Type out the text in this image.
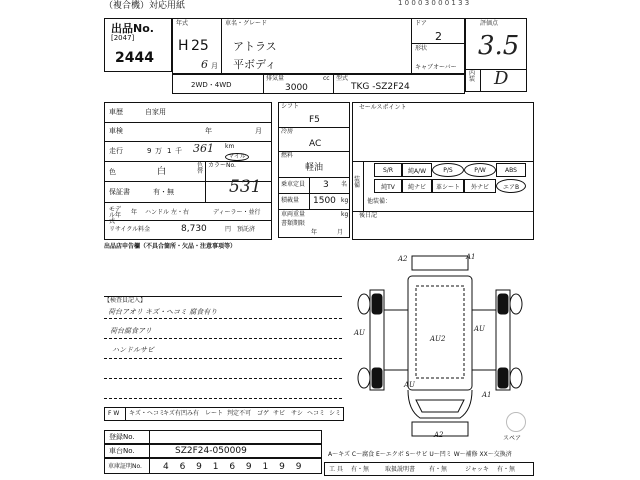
（複合機）対応用紙	1 0 0 0 3 0 0 0 1 3 3
出品No.
[2047]
2444
年式
H 25
6 月
車名・グレード
アトラス
平ボディ
ドア
2
形状
キャブオーバー
評価点
3.5
内装 D
2WD・4WD
排気量	cc
3000
型式
TKG -SZ2F24
車歴	自家用
車検	年	月
走行	9 万 1 千 361 km
マイル
色	白
色替
カラーNo.
保証書	有・無	531
モデル年式
年 ハンドル 左・右	ディーラー・並行
リサイクル料金	8,730	円 預託済
シフト
F5
冷房
AC
燃料
軽油
乗車定員 3 名
積載量 1500 kg
車両重量	kg
書類期限
年	月
セールスポイント
装備
他装備：
後日記
S/R	純A/W	P/S	P/W	ABS
純TV	純ナビ	革シート	外ナビ	エアB
出品店申告欄（不具合箇所・欠品・注意事項等）
【検査員記入】
荷台アオリ キズ・ヘコミ 腐食有り
荷台腐食アリ
ハンドルサビ
F W キズ・ヘコミ
キズ有 凹み有 レート 判定不可 ゴゲ サビ サシ ヘコミ シミ
A2	A1
AU
AU2
AU
AU
A1
A2	スペア
登録No.
車台No.	SZ2F24-050009
車庫証明No. 4 6 9 1 6 9 1 9 9
A～キズ C～腐食 E～エクボ S～サビ U～凹ミ W～補修 XX～交換済
工 具 有・無	取扱説明書 有・無	ジャッキ 有・無
